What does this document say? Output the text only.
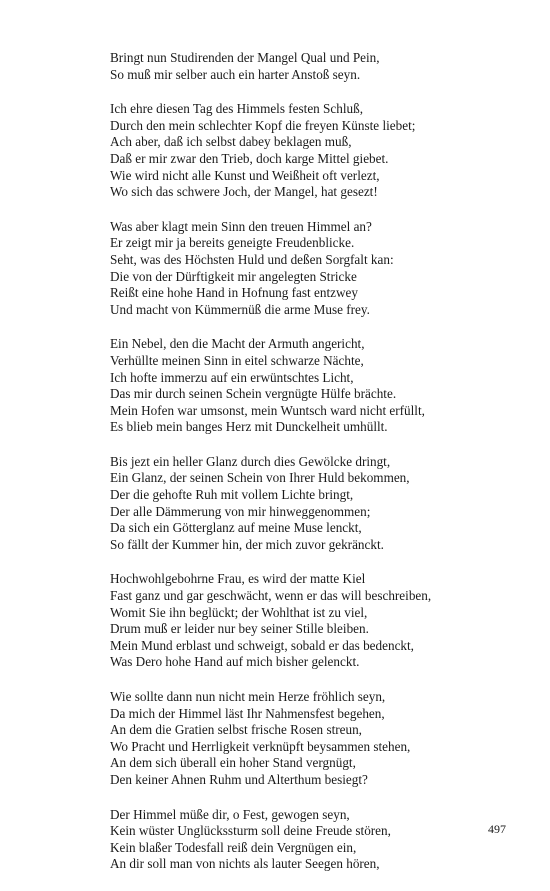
Bringt nun Studirenden der Mangel Qual und Pein,
So muß mir selber auch ein harter Anstoß seyn.
Ich ehre diesen Tag des Himmels festen Schluß,
Durch den mein schlechter Kopf die freyen Künste liebet;
Ach aber, daß ich selbst dabey beklagen muß,
Daß er mir zwar den Trieb, doch karge Mittel giebet.
Wie wird nicht alle Kunst und Weißheit oft verlezt,
Wo sich das schwere Joch, der Mangel, hat gesezt!
Was aber klagt mein Sinn den treuen Himmel an?
Er zeigt mir ja bereits geneigte Freudenblicke.
Seht, was des Höchsten Huld und deßen Sorgfalt kan:
Die von der Dürftigkeit mir angelegten Stricke
Reißt eine hohe Hand in Hofnung fast entzwey
Und macht von Kümmernüß die arme Muse frey.
Ein Nebel, den die Macht der Armuth angericht,
Verhüllte meinen Sinn in eitel schwarze Nächte,
Ich hofte immerzu auf ein erwüntschtes Licht,
Das mir durch seinen Schein vergnügte Hülfe brächte.
Mein Hofen war umsonst, mein Wuntsch ward nicht erfüllt,
Es blieb mein banges Herz mit Dunckelheit umhüllt.
Bis jezt ein heller Glanz durch dies Gewölcke dringt,
Ein Glanz, der seinen Schein von Ihrer Huld bekommen,
Der die gehofte Ruh mit vollem Lichte bringt,
Der alle Dämmerung von mir hinweggenommen;
Da sich ein Götterglanz auf meine Muse lenckt,
So fällt der Kummer hin, der mich zuvor gekränckt.
Hochwohlgebohrne Frau, es wird der matte Kiel
Fast ganz und gar geschwächt, wenn er das will beschreiben,
Womit Sie ihn beglückt; der Wohlthat ist zu viel,
Drum muß er leider nur bey seiner Stille bleiben.
Mein Mund erblast und schweigt, sobald er das bedenckt,
Was Dero hohe Hand auf mich bisher gelenckt.
Wie sollte dann nun nicht mein Herze fröhlich seyn,
Da mich der Himmel läst Ihr Nahmensfest begehen,
An dem die Gratien selbst frische Rosen streun,
Wo Pracht und Herrligkeit verknüpft beysammen stehen,
An dem sich überall ein hoher Stand vergnügt,
Den keiner Ahnen Ruhm und Alterthum besiegt?
Der Himmel müße dir, o Fest, gewogen seyn,
Kein wüster Unglückssturm soll deine Freude stören,
Kein blaßer Todesfall reiß dein Vergnügen ein,
An dir soll man von nichts als lauter Seegen hören,
497
